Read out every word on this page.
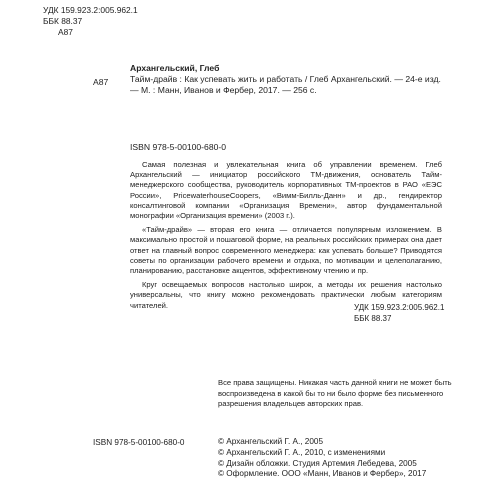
УДК 159.923.2:005.962.1
ББК 88.37
А87
А87
Архангельский, Глеб
Тайм-драйв : Как успевать жить и работать / Глеб Архангельский. — 24-е изд. — М. : Манн, Иванов и Фербер, 2017. — 256 с.
ISBN 978-5-00100-680-0

Самая полезная и увлекательная книга об управлении временем. Глеб Архангельский — инициатор российского ТМ-движения, основатель Тайм-менеджерского сообщества, руководитель корпоративных ТМ-проектов в РАО «ЕЭС России», PricewaterhouseCoopers, «Вимм-Билль-Данн» и др., гендиректор консалтинговой компании «Организация Времени», автор фундаментальной монографии «Организация времени» (2003 г.).

«Тайм-драйв» — вторая его книга — отличается популярным изложением. В максимально простой и пошаговой форме, на реальных российских примерах она дает ответ на главный вопрос современного менеджера: как успевать больше? Приводятся советы по организации рабочего времени и отдыха, по мотивации и целеполаганию, планированию, расстановке акцентов, эффективному чтению и пр.

Круг освещаемых вопросов настолько широк, а методы их решения настолько универсальны, что книгу можно рекомендовать практически любым категориям читателей.	УДК 159.923.2:005.962.1
ББК 88.37
Все права защищены. Никакая часть данной книги не может быть воспроизведена в какой бы то ни было форме без письменного разрешения владельцев авторских прав.
ISBN 978-5-00100-680-0	© Архангельский Г. А., 2005
© Архангельский Г. А., 2010, с изменениями
© Дизайн обложки. Студия Артемия Лебедева, 2005
© Оформление. ООО «Манн, Иванов и Фербер», 2017
